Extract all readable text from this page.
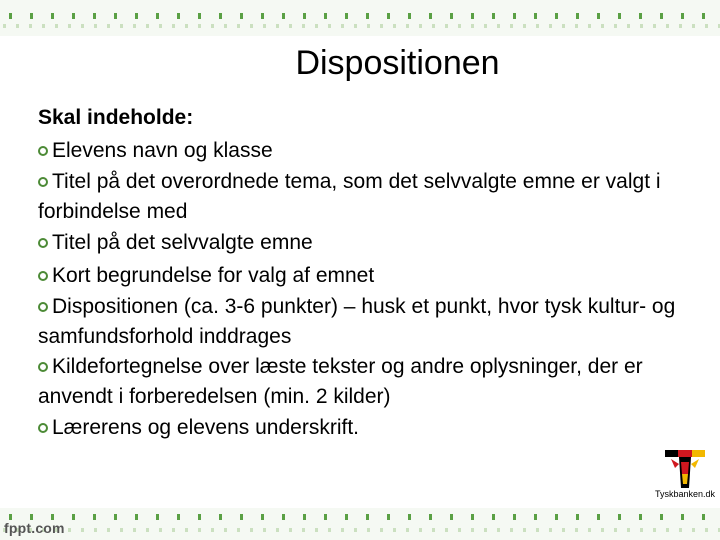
Dispositionen
Skal indeholde:
Elevens navn og klasse
Titel på det overordnede tema, som det selvvalgte emne er valgt i forbindelse med
Titel på det selvvalgte emne
Kort begrundelse for valg af emnet
Dispositionen (ca. 3-6 punkter) – husk et punkt, hvor tysk kultur- og samfundsforhold inddrages
Kildefortegnelse over læste tekster og andre oplysninger, der er anvendt i forberedelsen (min. 2 kilder)
Lærerens og elevens underskrift.
Tyskbanken.dk
fppt.com
